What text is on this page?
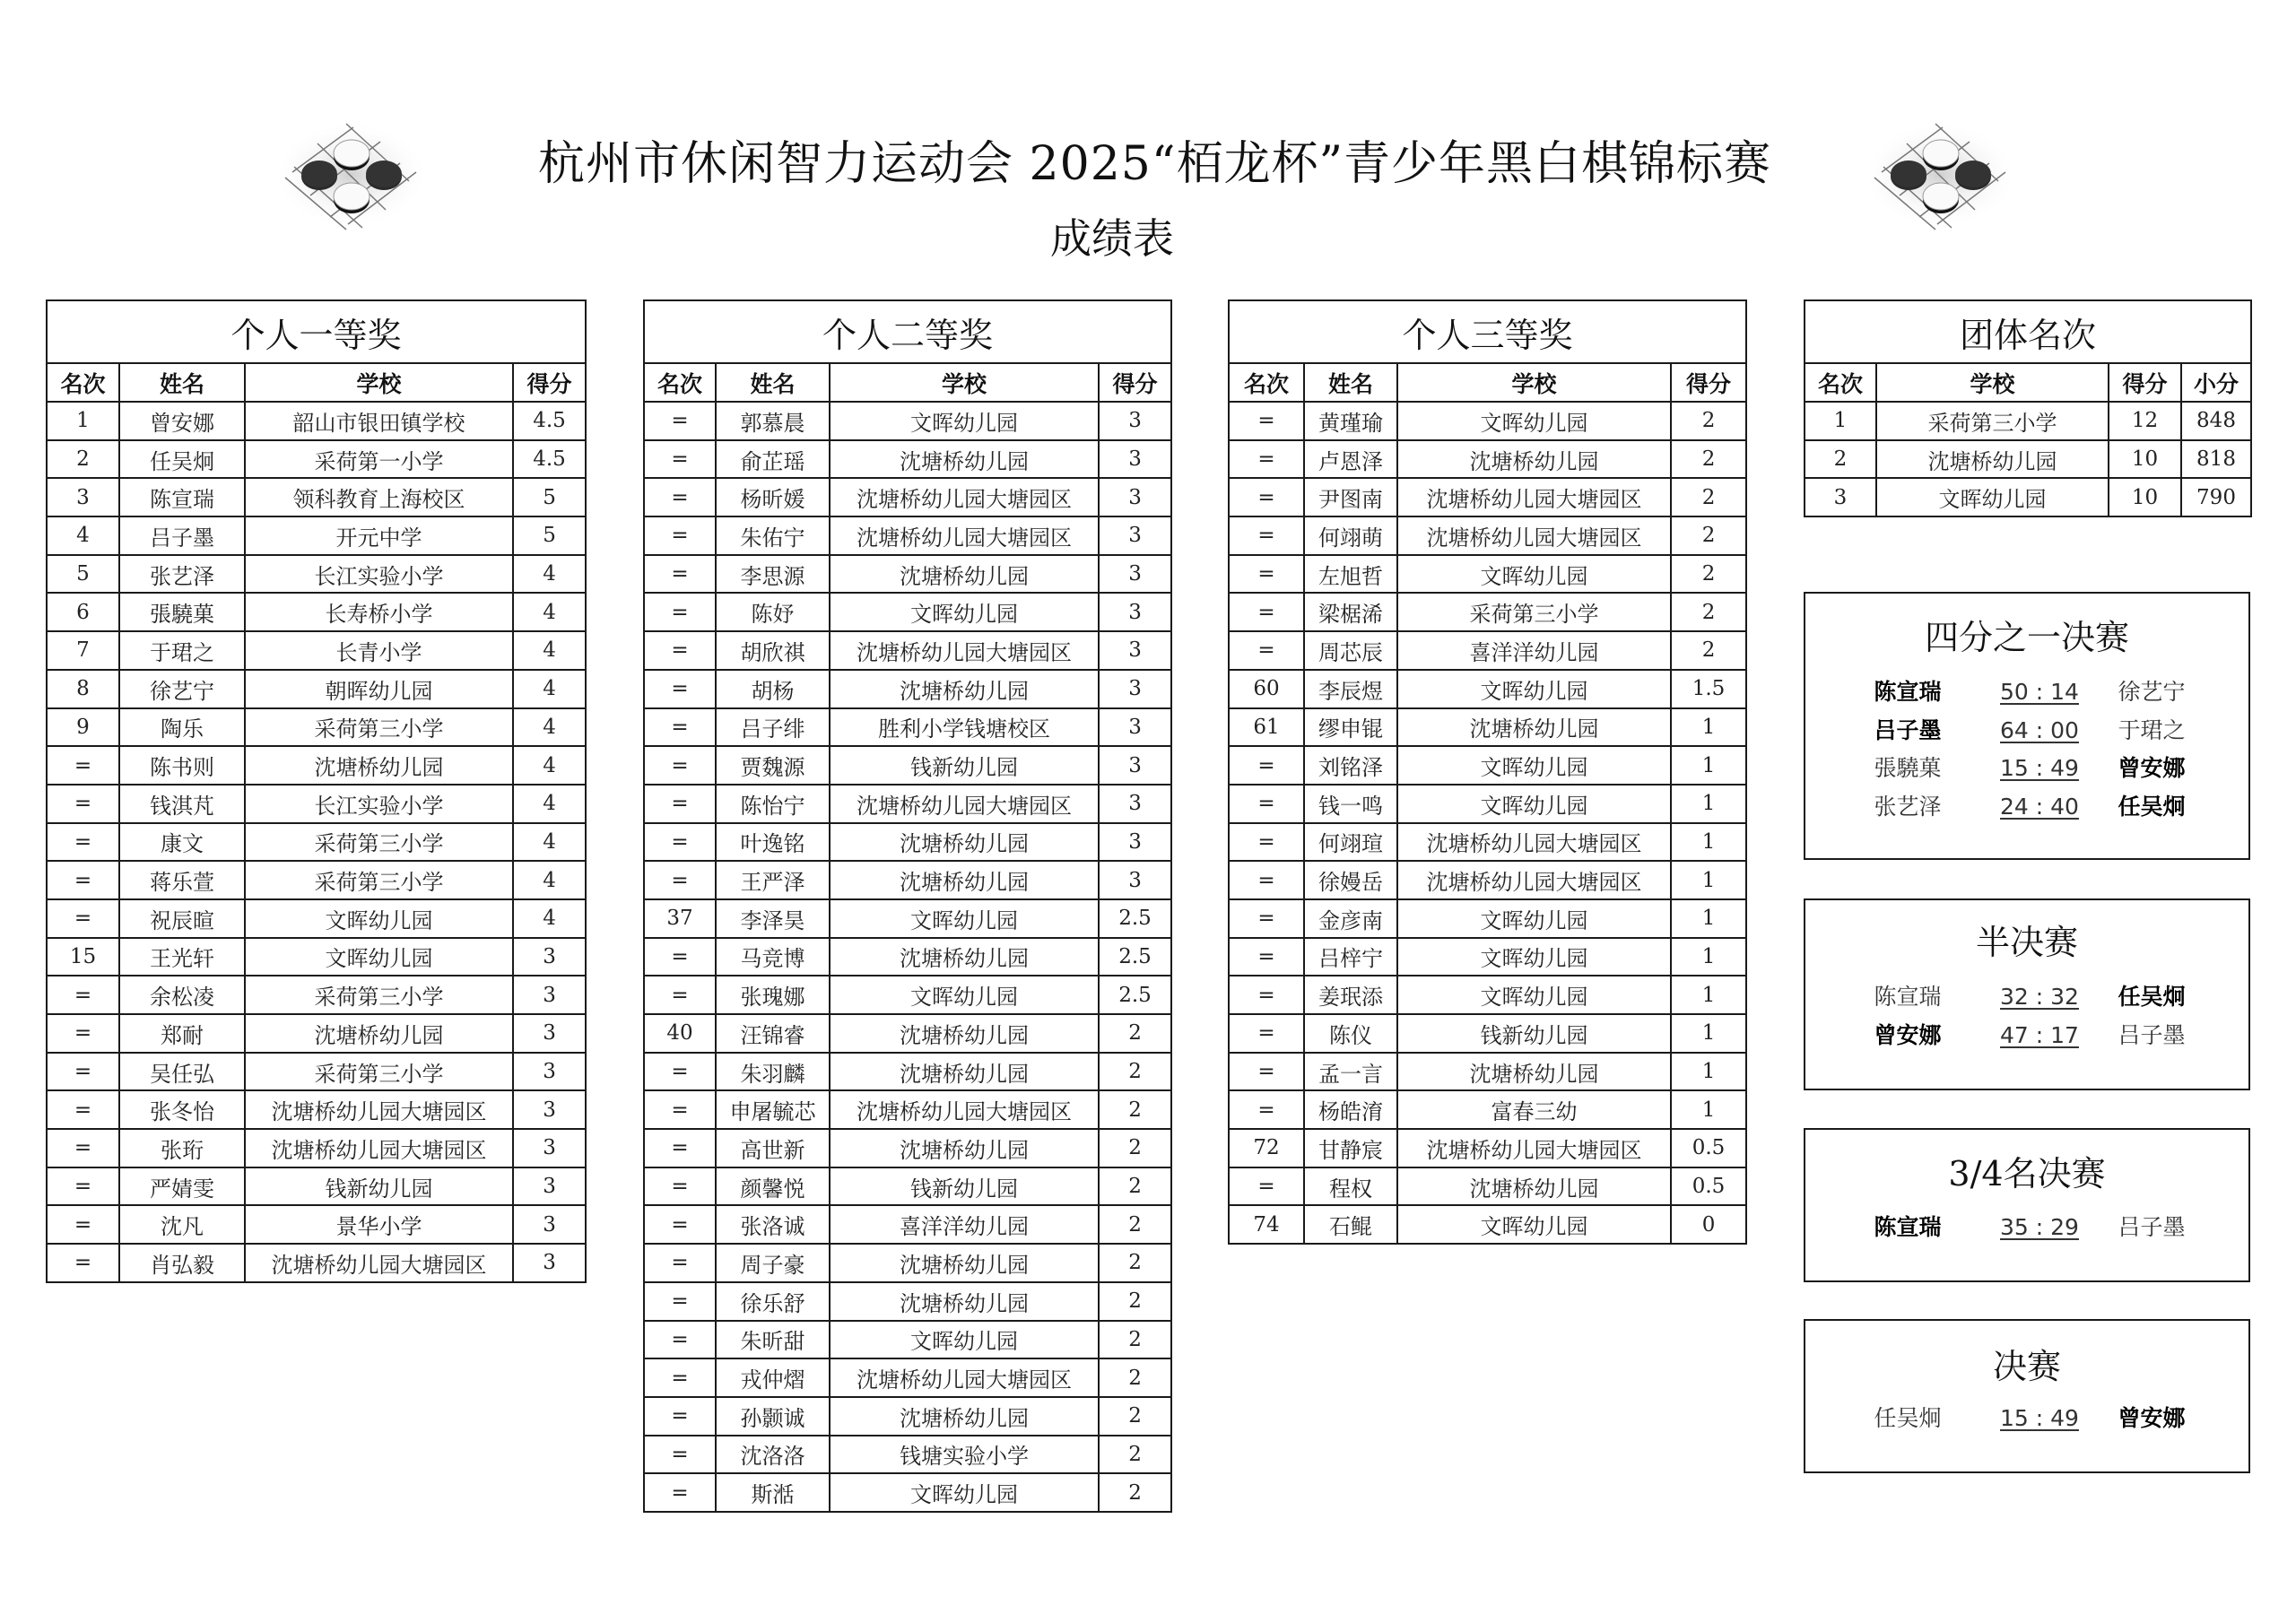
杭州市休闲智力运动会 2025“栢龙杯”青少年黑白棋锦标赛
成绩表
个人一等奖			
名次	姓名	学校	得分
1	曾安娜	韶山市银田镇学校	4.5
2	任吴炯	采荷第一小学	4.5
3	陈宣瑞	领科教育上海校区	5
4	吕子墨	开元中学	5
5	张艺泽	长江实验小学	4
6	張驍菓	长寿桥小学	4
7	于珺之	长青小学	4
8	徐艺宁	朝晖幼儿园	4
9	陶乐	采荷第三小学	4
=	陈书则	沈塘桥幼儿园	4
=	钱淇芃	长江实验小学	4
=	康文	采荷第三小学	4
=	蒋乐萱	采荷第三小学	4
=	祝辰暄	文晖幼儿园	4
15	王光轩	文晖幼儿园	3
=	余松凌	采荷第三小学	3
=	郑耐	沈塘桥幼儿园	3
=	吴任弘	采荷第三小学	3
=	张冬怡	沈塘桥幼儿园大塘园区	3
=	张珩	沈塘桥幼儿园大塘园区	3
=	严婧雯	钱新幼儿园	3
=	沈凡	景华小学	3
=	肖弘毅	沈塘桥幼儿园大塘园区	3
个人二等奖			
名次	姓名	学校	得分
=	郭慕晨	文晖幼儿园	3
=	俞芷瑶	沈塘桥幼儿园	3
=	杨昕媛	沈塘桥幼儿园大塘园区	3
=	朱佑宁	沈塘桥幼儿园大塘园区	3
=	李思源	沈塘桥幼儿园	3
=	陈妤	文晖幼儿园	3
=	胡欣祺	沈塘桥幼儿园大塘园区	3
=	胡杨	沈塘桥幼儿园	3
=	吕子绯	胜利小学钱塘校区	3
=	贾魏源	钱新幼儿园	3
=	陈怡宁	沈塘桥幼儿园大塘园区	3
=	叶逸铭	沈塘桥幼儿园	3
=	王严泽	沈塘桥幼儿园	3
37	李泽昊	文晖幼儿园	2.5
=	马竞博	沈塘桥幼儿园	2.5
=	张瑰娜	文晖幼儿园	2.5
40	汪锦睿	沈塘桥幼儿园	2
=	朱羽麟	沈塘桥幼儿园	2
=	申屠毓芯	沈塘桥幼儿园大塘园区	2
=	高世新	沈塘桥幼儿园	2
=	颜馨悦	钱新幼儿园	2
=	张洛诚	喜洋洋幼儿园	2
=	周子豪	沈塘桥幼儿园	2
=	徐乐舒	沈塘桥幼儿园	2
=	朱昕甜	文晖幼儿园	2
=	戎仲熠	沈塘桥幼儿园大塘园区	2
=	孙颢诚	沈塘桥幼儿园	2
=	沈洛洛	钱塘实验小学	2
=	斯湉	文晖幼儿园	2
个人三等奖			
名次	姓名	学校	得分
=	黄瑾瑜	文晖幼儿园	2
=	卢恩泽	沈塘桥幼儿园	2
=	尹图南	沈塘桥幼儿园大塘园区	2
=	何翊萌	沈塘桥幼儿园大塘园区	2
=	左旭哲	文晖幼儿园	2
=	梁椐浠	采荷第三小学	2
=	周芯辰	喜洋洋幼儿园	2
60	李辰煜	文晖幼儿园	1.5
61	缪申锟	沈塘桥幼儿园	1
=	刘铭泽	文晖幼儿园	1
=	钱一鸣	文晖幼儿园	1
=	何翊瑄	沈塘桥幼儿园大塘园区	1
=	徐嫚岳	沈塘桥幼儿园大塘园区	1
=	金彦南	文晖幼儿园	1
=	吕梓宁	文晖幼儿园	1
=	姜珉添	文晖幼儿园	1
=	陈仪	钱新幼儿园	1
=	孟一言	沈塘桥幼儿园	1
=	杨皓淯	富春三幼	1
72	甘静宸	沈塘桥幼儿园大塘园区	0.5
=	程权	沈塘桥幼儿园	0.5
74	石鲲	文晖幼儿园	0
团体名次			
名次	学校	得分	小分
1	采荷第三小学	12	848
2	沈塘桥幼儿园	10	818
3	文晖幼儿园	10	790
四分之一决赛
陈宣瑞	50 : 14	徐艺宁
吕子墨	64 : 00	于珺之
張驍菓	15 : 49	曾安娜
张艺泽	24 : 40	任吴炯
半决赛
陈宣瑞	32 : 32	任吴炯
曾安娜	47 : 17	吕子墨
3/4名决赛
陈宣瑞	35 : 29	吕子墨
决赛
任吴炯	15 : 49	曾安娜
